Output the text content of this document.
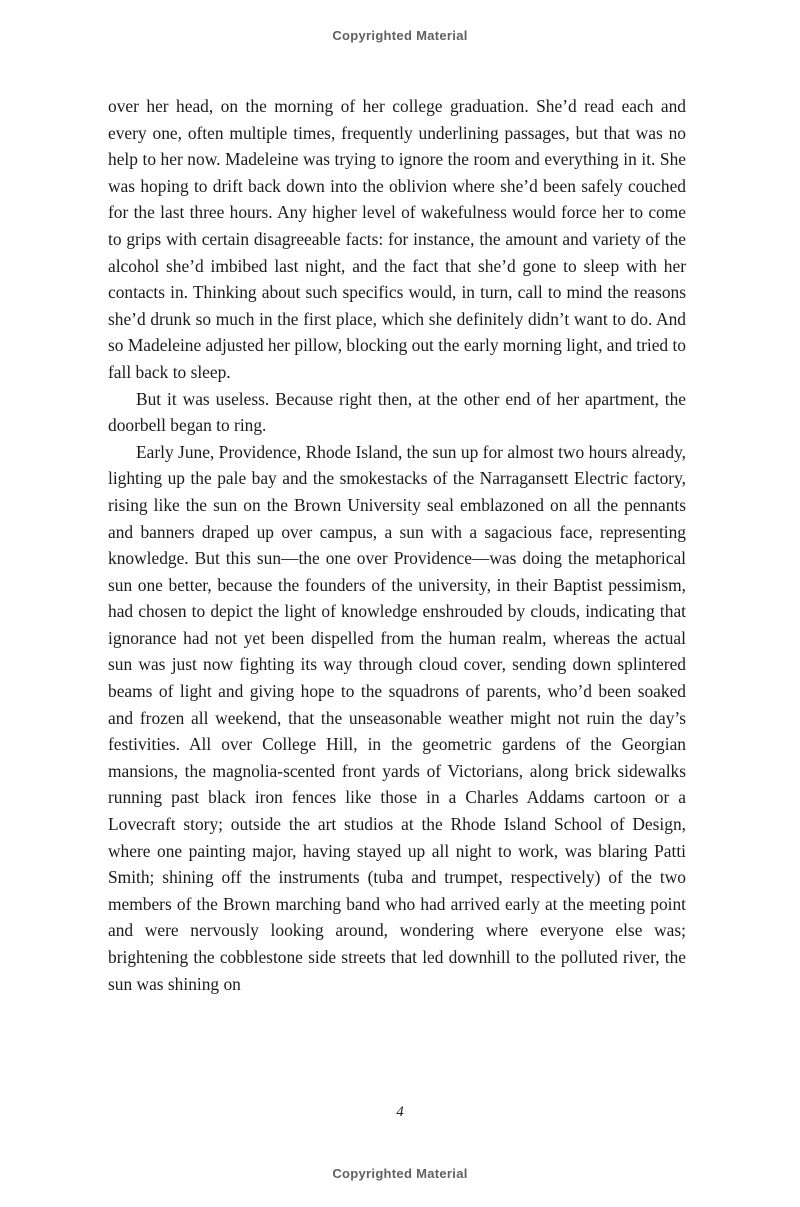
Copyrighted Material

over her head, on the morning of her college graduation. She’d read each and every one, often multiple times, frequently underlining passages, but that was no help to her now. Madeleine was trying to ignore the room and everything in it. She was hoping to drift back down into the oblivion where she’d been safely couched for the last three hours. Any higher level of wakefulness would force her to come to grips with certain disagreeable facts: for instance, the amount and variety of the alcohol she’d imbibed last night, and the fact that she’d gone to sleep with her contacts in. Thinking about such specifics would, in turn, call to mind the reasons she’d drunk so much in the first place, which she definitely didn’t want to do. And so Madeleine adjusted her pillow, blocking out the early morning light, and tried to fall back to sleep.

But it was useless. Because right then, at the other end of her apartment, the doorbell began to ring.

Early June, Providence, Rhode Island, the sun up for almost two hours already, lighting up the pale bay and the smokestacks of the Narragansett Electric factory, rising like the sun on the Brown University seal emblazoned on all the pennants and banners draped up over campus, a sun with a sagacious face, representing knowledge. But this sun—the one over Providence—was doing the metaphorical sun one better, because the founders of the university, in their Baptist pessimism, had chosen to depict the light of knowledge enshrouded by clouds, indicating that ignorance had not yet been dispelled from the human realm, whereas the actual sun was just now fighting its way through cloud cover, sending down splintered beams of light and giving hope to the squadrons of parents, who’d been soaked and frozen all weekend, that the unseasonable weather might not ruin the day’s festivities. All over College Hill, in the geometric gardens of the Georgian mansions, the magnolia-scented front yards of Victorians, along brick sidewalks running past black iron fences like those in a Charles Addams cartoon or a Lovecraft story; outside the art studios at the Rhode Island School of Design, where one painting major, having stayed up all night to work, was blaring Patti Smith; shining off the instruments (tuba and trumpet, respectively) of the two members of the Brown marching band who had arrived early at the meeting point and were nervously looking around, wondering where everyone else was; brightening the cobblestone side streets that led downhill to the polluted river, the sun was shining on

4
Copyrighted Material
